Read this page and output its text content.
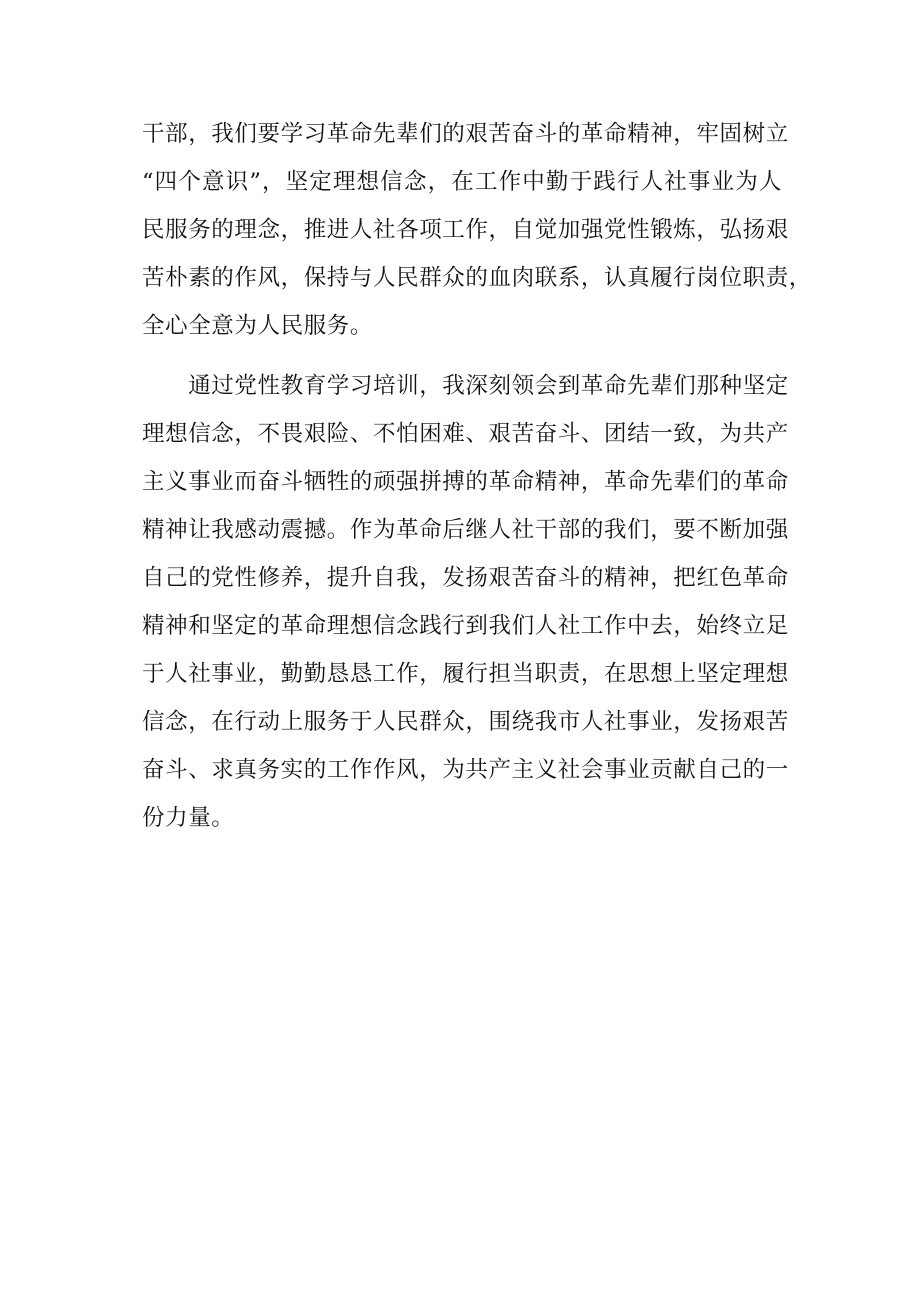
干部，我们要学习革命先辈们的艰苦奋斗的革命精神，牢固树立
“四个意识”，坚定理想信念，在工作中勤于践行人社事业为人
民服务的理念，推进人社各项工作，自觉加强党性锻炼，弘扬艰
苦朴素的作风，保持与人民群众的血肉联系，认真履行岗位职责，
全心全意为人民服务。
　　通过党性教育学习培训，我深刻领会到革命先辈们那种坚定
理想信念，不畏艰险、不怕困难、艰苦奋斗、团结一致，为共产
主义事业而奋斗牺牲的顽强拼搏的革命精神，革命先辈们的革命
精神让我感动震撼。作为革命后继人社干部的我们，要不断加强
自己的党性修养，提升自我，发扬艰苦奋斗的精神，把红色革命
精神和坚定的革命理想信念践行到我们人社工作中去，始终立足
于人社事业，勤勤恳恳工作，履行担当职责，在思想上坚定理想
信念，在行动上服务于人民群众，围绕我市人社事业，发扬艰苦
奋斗、求真务实的工作作风，为共产主义社会事业贡献自己的一
份力量。
